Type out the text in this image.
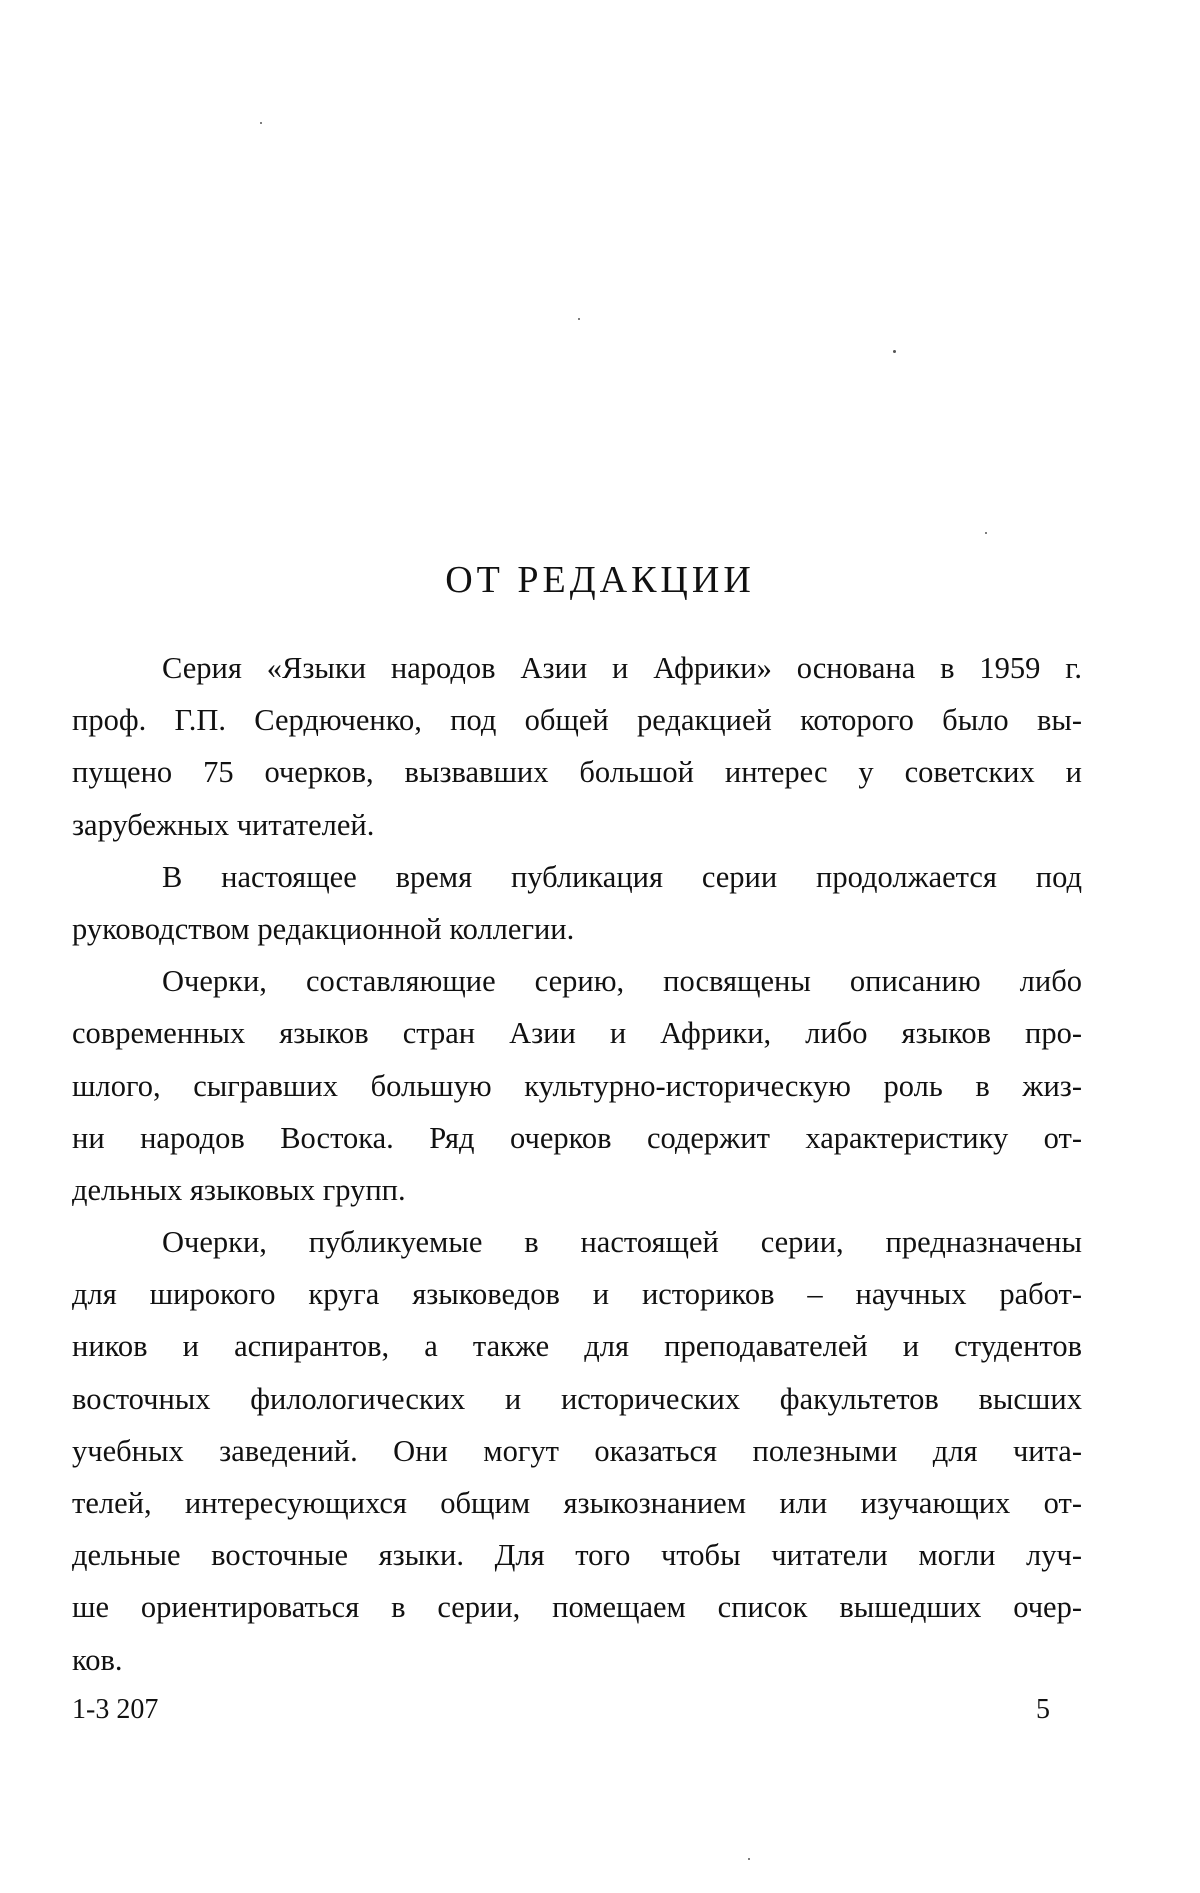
ОТ РЕДАКЦИИ
Серия «Языки народов Азии и Африки» основана в 1959 г.
проф. Г.П. Сердюченко, под общей редакцией которого было вы-
пущено 75 очерков, вызвавших большой интерес у советских и
зарубежных читателей.
В настоящее время публикация серии продолжается под
руководством редакционной коллегии.
Очерки, составляющие серию, посвящены описанию либо
современных языков стран Азии и Африки, либо языков про-
шлого, сыгравших большую культурно-историческую роль в жиз-
ни народов Востока. Ряд очерков содержит характеристику от-
дельных языковых групп.
Очерки, публикуемые в настоящей серии, предназначены
для широкого круга языковедов и историков – научных работ-
ников и аспирантов, а также для преподавателей и студентов
восточных филологических и исторических факультетов высших
учебных заведений. Они могут оказаться полезными для чита-
телей, интересующихся общим языкознанием или изучающих от-
дельные восточные языки. Для того чтобы читатели могли луч-
ше ориентироваться в серии, помещаем список вышедших очер-
ков.
1-3 207	5
